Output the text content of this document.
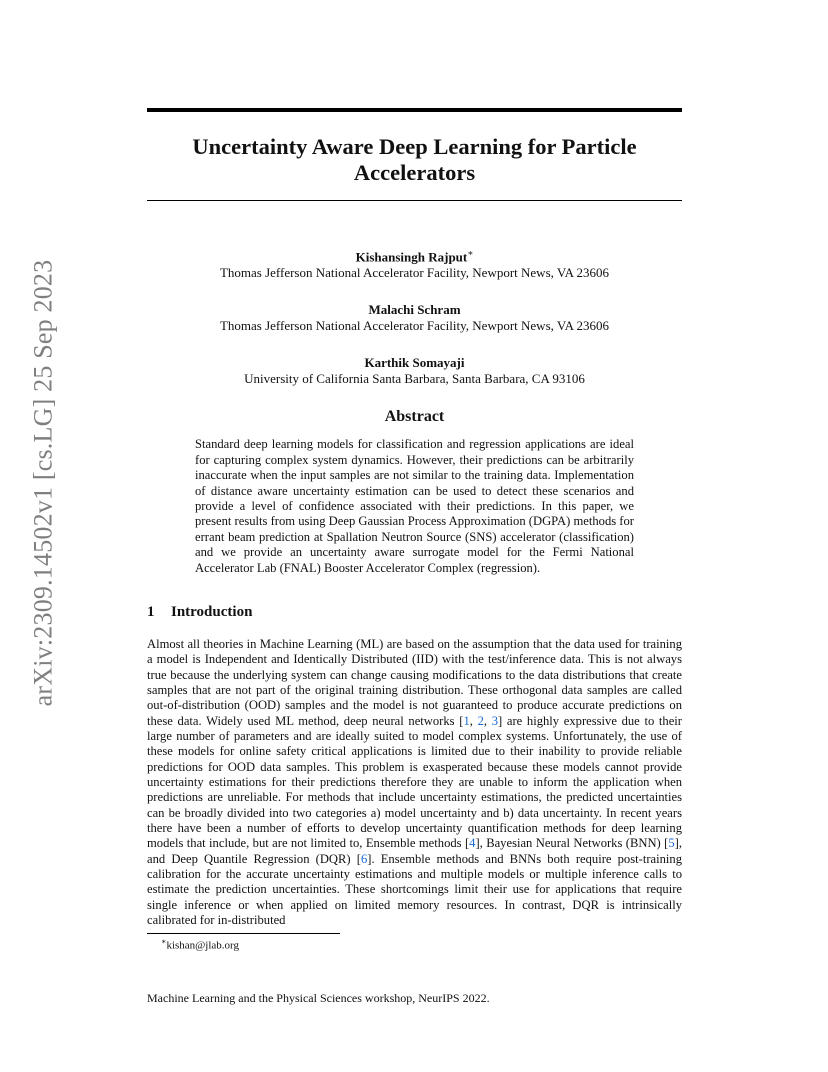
arXiv:2309.14502v1 [cs.LG] 25 Sep 2023
Uncertainty Aware Deep Learning for Particle Accelerators
Kishansingh Rajput∗
Thomas Jefferson National Accelerator Facility, Newport News, VA 23606
Malachi Schram
Thomas Jefferson National Accelerator Facility, Newport News, VA 23606
Karthik Somayaji
University of California Santa Barbara, Santa Barbara, CA 93106
Abstract
Standard deep learning models for classification and regression applications are ideal for capturing complex system dynamics. However, their predictions can be arbitrarily inaccurate when the input samples are not similar to the training data. Implementation of distance aware uncertainty estimation can be used to detect these scenarios and provide a level of confidence associated with their predictions. In this paper, we present results from using Deep Gaussian Process Approximation (DGPA) methods for errant beam prediction at Spallation Neutron Source (SNS) accelerator (classification) and we provide an uncertainty aware surrogate model for the Fermi National Accelerator Lab (FNAL) Booster Accelerator Complex (regression).
1 Introduction
Almost all theories in Machine Learning (ML) are based on the assumption that the data used for training a model is Independent and Identically Distributed (IID) with the test/inference data. This is not always true because the underlying system can change causing modifications to the data distributions that create samples that are not part of the original training distribution. These orthogonal data samples are called out-of-distribution (OOD) samples and the model is not guaranteed to produce accurate predictions on these data. Widely used ML method, deep neural networks [1, 2, 3] are highly expressive due to their large number of parameters and are ideally suited to model complex systems. Unfortunately, the use of these models for online safety critical applications is limited due to their inability to provide reliable predictions for OOD data samples. This problem is exasperated because these models cannot provide uncertainty estimations for their predictions therefore they are unable to inform the application when predictions are unreliable. For methods that include uncertainty estimations, the predicted uncertainties can be broadly divided into two categories a) model uncertainty and b) data uncertainty. In recent years there have been a number of efforts to develop uncertainty quantification methods for deep learning models that include, but are not limited to, Ensemble methods [4], Bayesian Neural Networks (BNN) [5], and Deep Quantile Regression (DQR) [6]. Ensemble methods and BNNs both require post-training calibration for the accurate uncertainty estimations and multiple models or multiple inference calls to estimate the prediction uncertainties. These shortcomings limit their use for applications that require single inference or when applied on limited memory resources. In contrast, DQR is intrinsically calibrated for in-distributed
∗kishan@jlab.org
Machine Learning and the Physical Sciences workshop, NeurIPS 2022.
